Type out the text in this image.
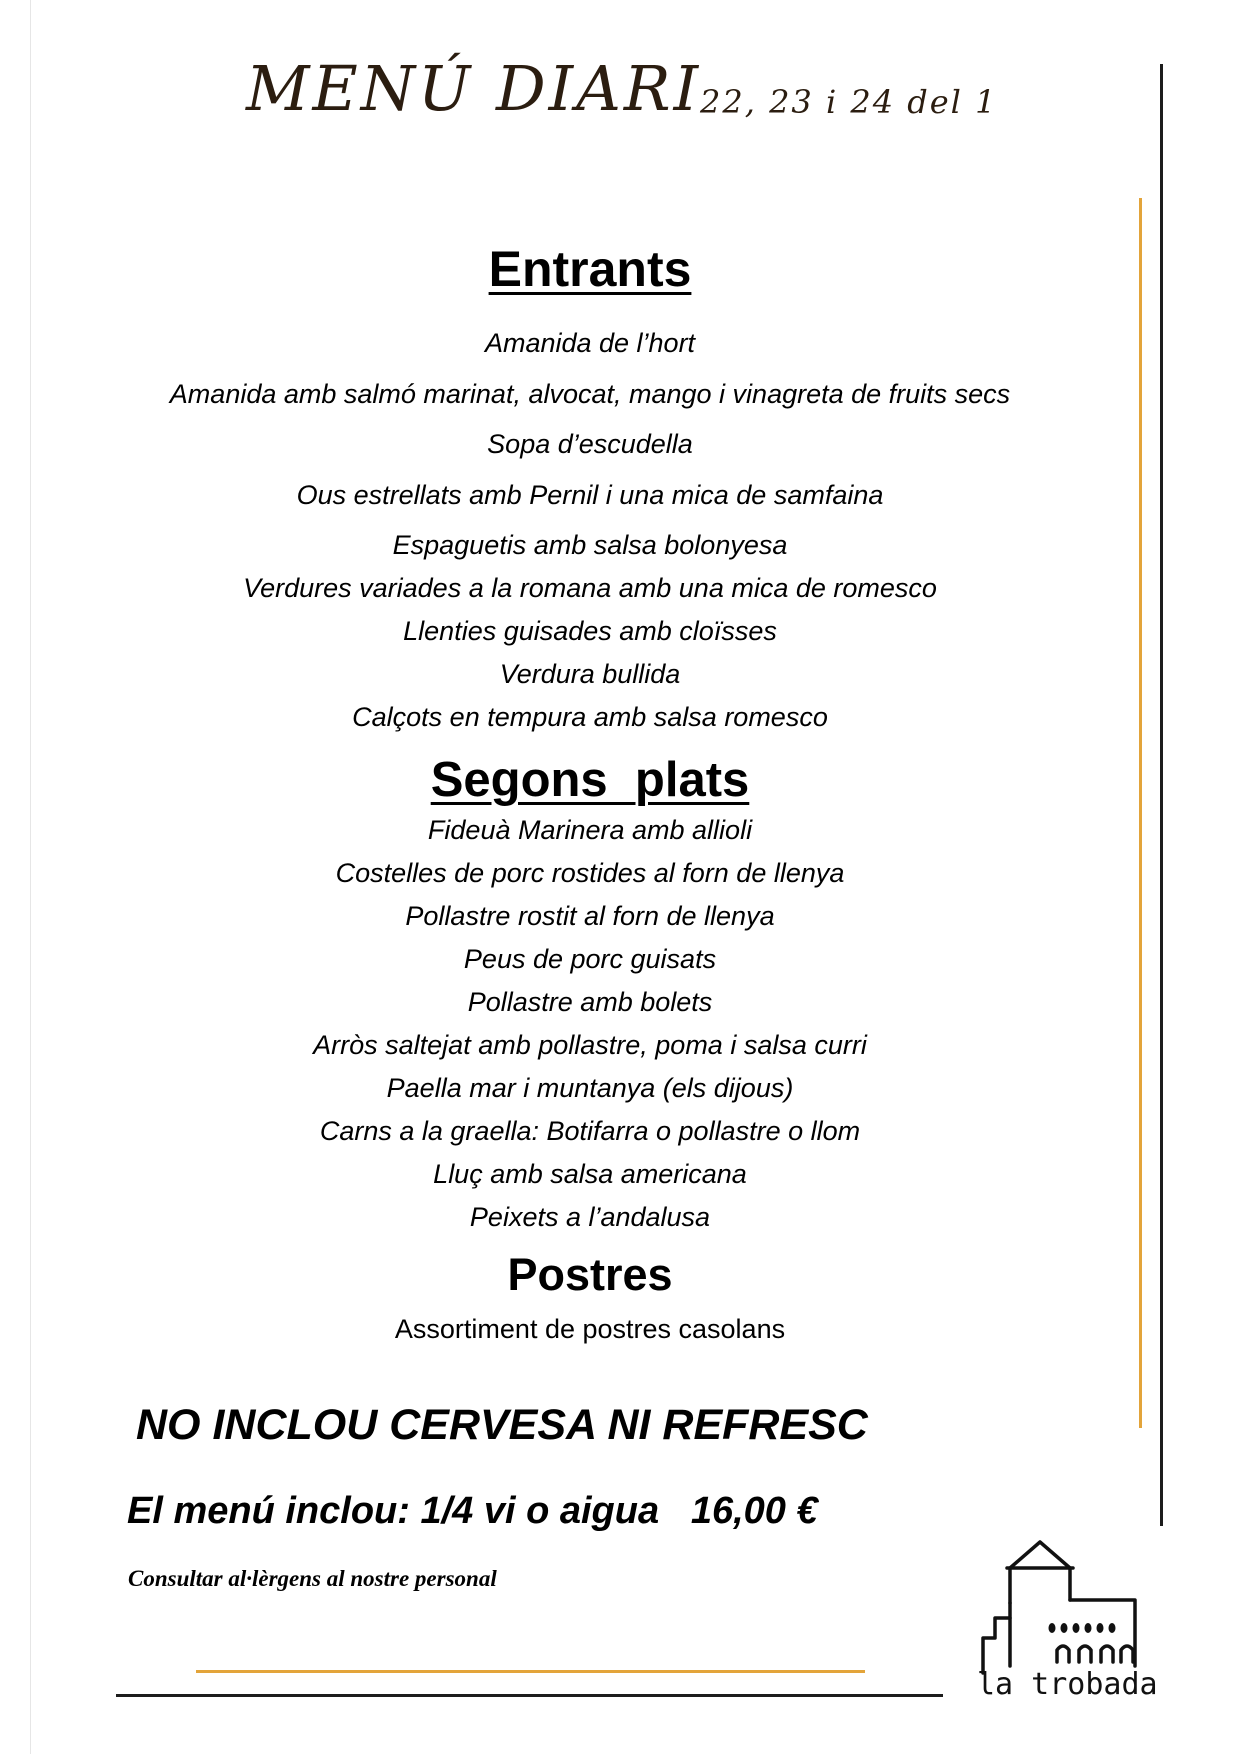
MENÚ DIARI
22, 23 i 24 del 1
Entrants
Amanida de l’hort
Amanida amb salmó marinat, alvocat, mango i vinagreta de fruits secs
Sopa d’escudella
Ous estrellats amb Pernil i una mica de samfaina
Espaguetis amb salsa bolonyesa
Verdures variades a la romana amb una mica de romesco
Llenties guisades amb cloïsses
Verdura bullida
Calçots en tempura amb salsa romesco
Segons  plats
Fideuà Marinera amb allioli
Costelles de porc rostides al forn de llenya
Pollastre rostit al forn de llenya
Peus de porc guisats
Pollastre amb bolets
Arròs saltejat amb pollastre, poma i salsa curri
Paella mar i muntanya (els dijous)
Carns a la graella: Botifarra o pollastre o llom
Lluç amb salsa americana
Peixets a l’andalusa
Postres
Assortiment de postres casolans
NO INCLOU CERVESA NI REFRESC
El menú inclou: 1/4 vi o aigua 16,00 €
Consultar al·lèrgens al nostre personal
la trobada
